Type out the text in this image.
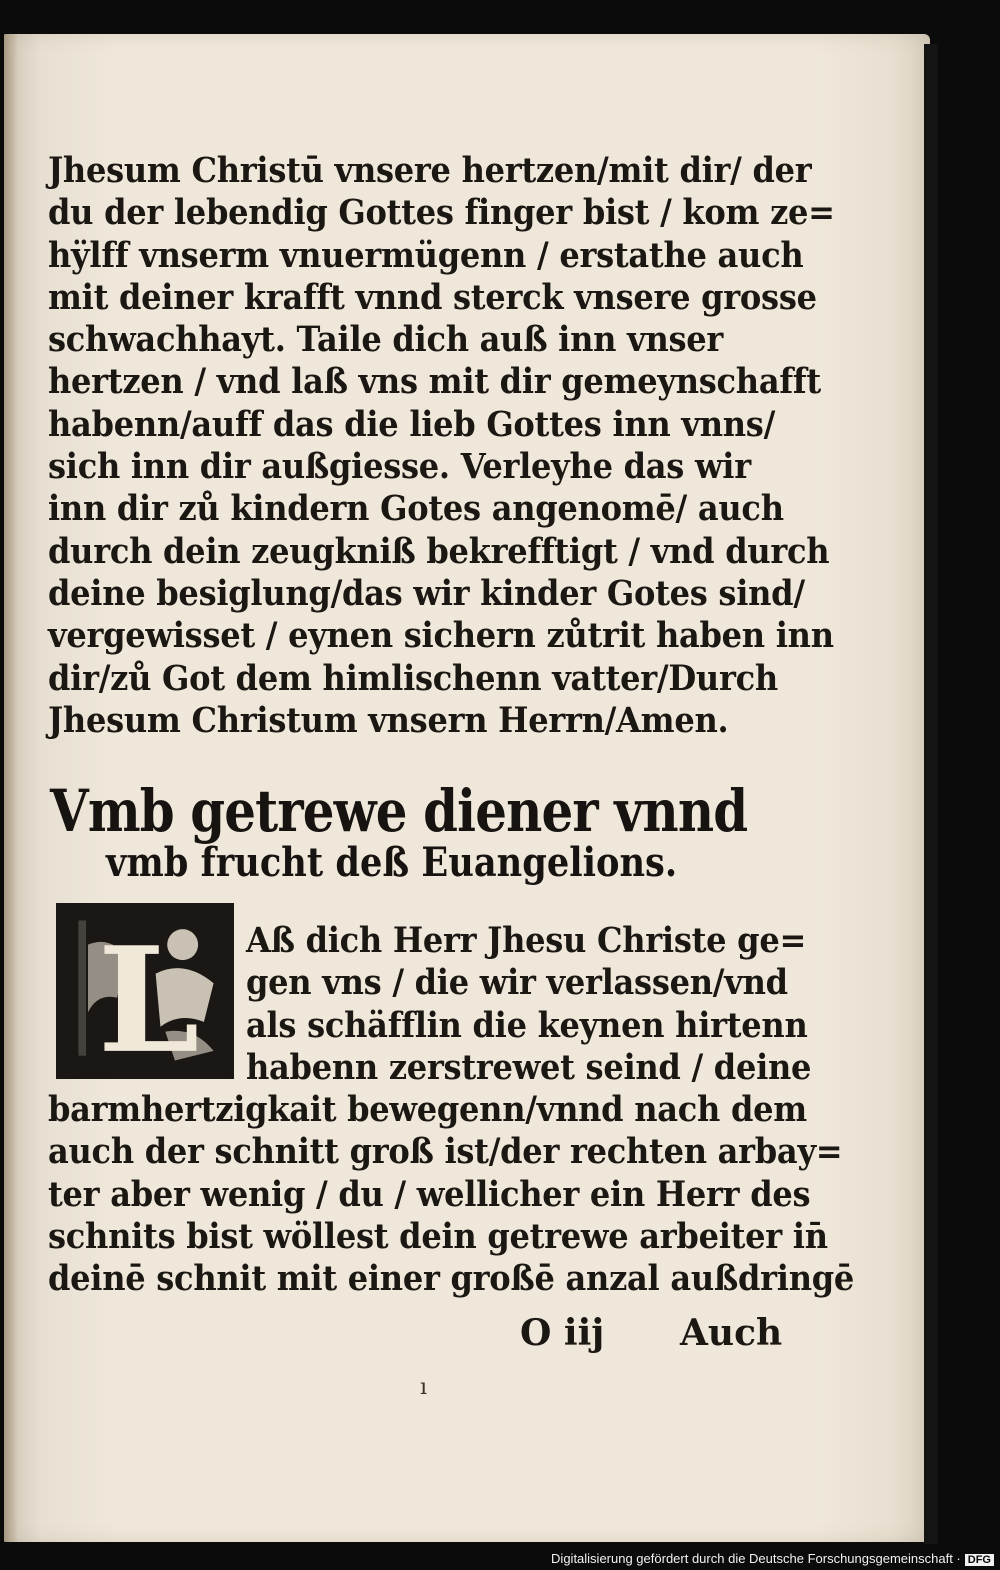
Jhesum Christū vnsere hertzen/mit dir/ der
du der lebendig Gottes finger bist / kom ze=
hÿlff vnserm vnuermügenn / erstathe auch
mit deiner krafft vnnd sterck vnsere grosse
schwachhayt. Taile dich auß inn vnser
hertzen / vnd laß vns mit dir gemeynschafft
habenn/auff das die lieb Gottes inn vnns/
sich inn dir außgiesse. Verleyhe das wir
inn dir zů kindern Gotes angenomē/ auch
durch dein zeugkniß bekrefftigt / vnd durch
deine besiglung/das wir kinder Gotes sind/
vergewisset / eynen sichern zůtrit haben inn
dir/zů Got dem himlischenn vatter/Durch
Jhesum Christum vnsern Herrn/Amen.
Vmb getrewe diener vnnd
vmb frucht deß Euangelions.
L Aß dich Herr Jhesu Christe ge=
gen vns / die wir verlassen/vnd
als schäfflin die keynen hirtenn
habenn zerstrewet seind / deine
barmhertzigkait bewegenn/vnnd nach dem
auch der schnitt groß ist/der rechten arbay=
ter aber wenig / du / wellicher ein Herr des
schnits bist wöllest dein getrewe arbeiter in̄
deinē schnit mit einer großē anzal außdringē
O iij Auch
ı
Digitalisierung gefördert durch die Deutsche Forschungsgemeinschaft · DFG
